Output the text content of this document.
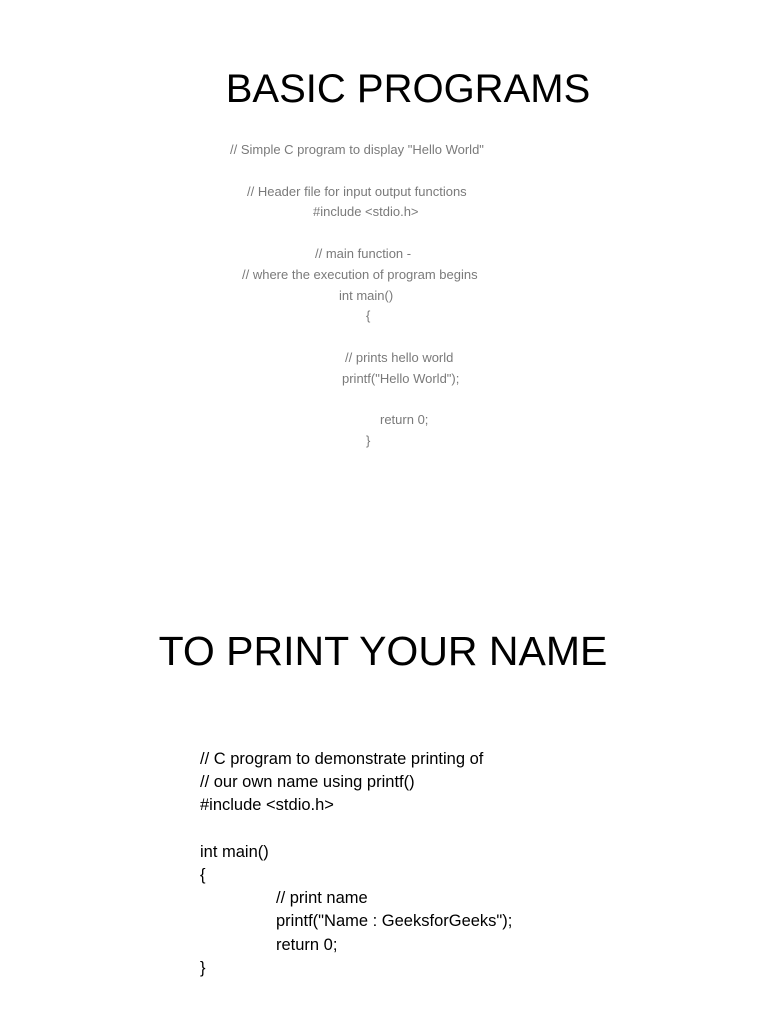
BASIC PROGRAMS
// Simple C program to display "Hello World"
// Header file for input output functions
#include <stdio.h>
// main function -
// where the execution of program begins
int main()
{
// prints hello world
printf("Hello World");
return 0;
}
TO PRINT YOUR NAME
// C program to demonstrate printing of
// our own name using printf()
#include <stdio.h>
int main()
{
// print name
printf("Name : GeeksforGeeks");
return 0;
}
